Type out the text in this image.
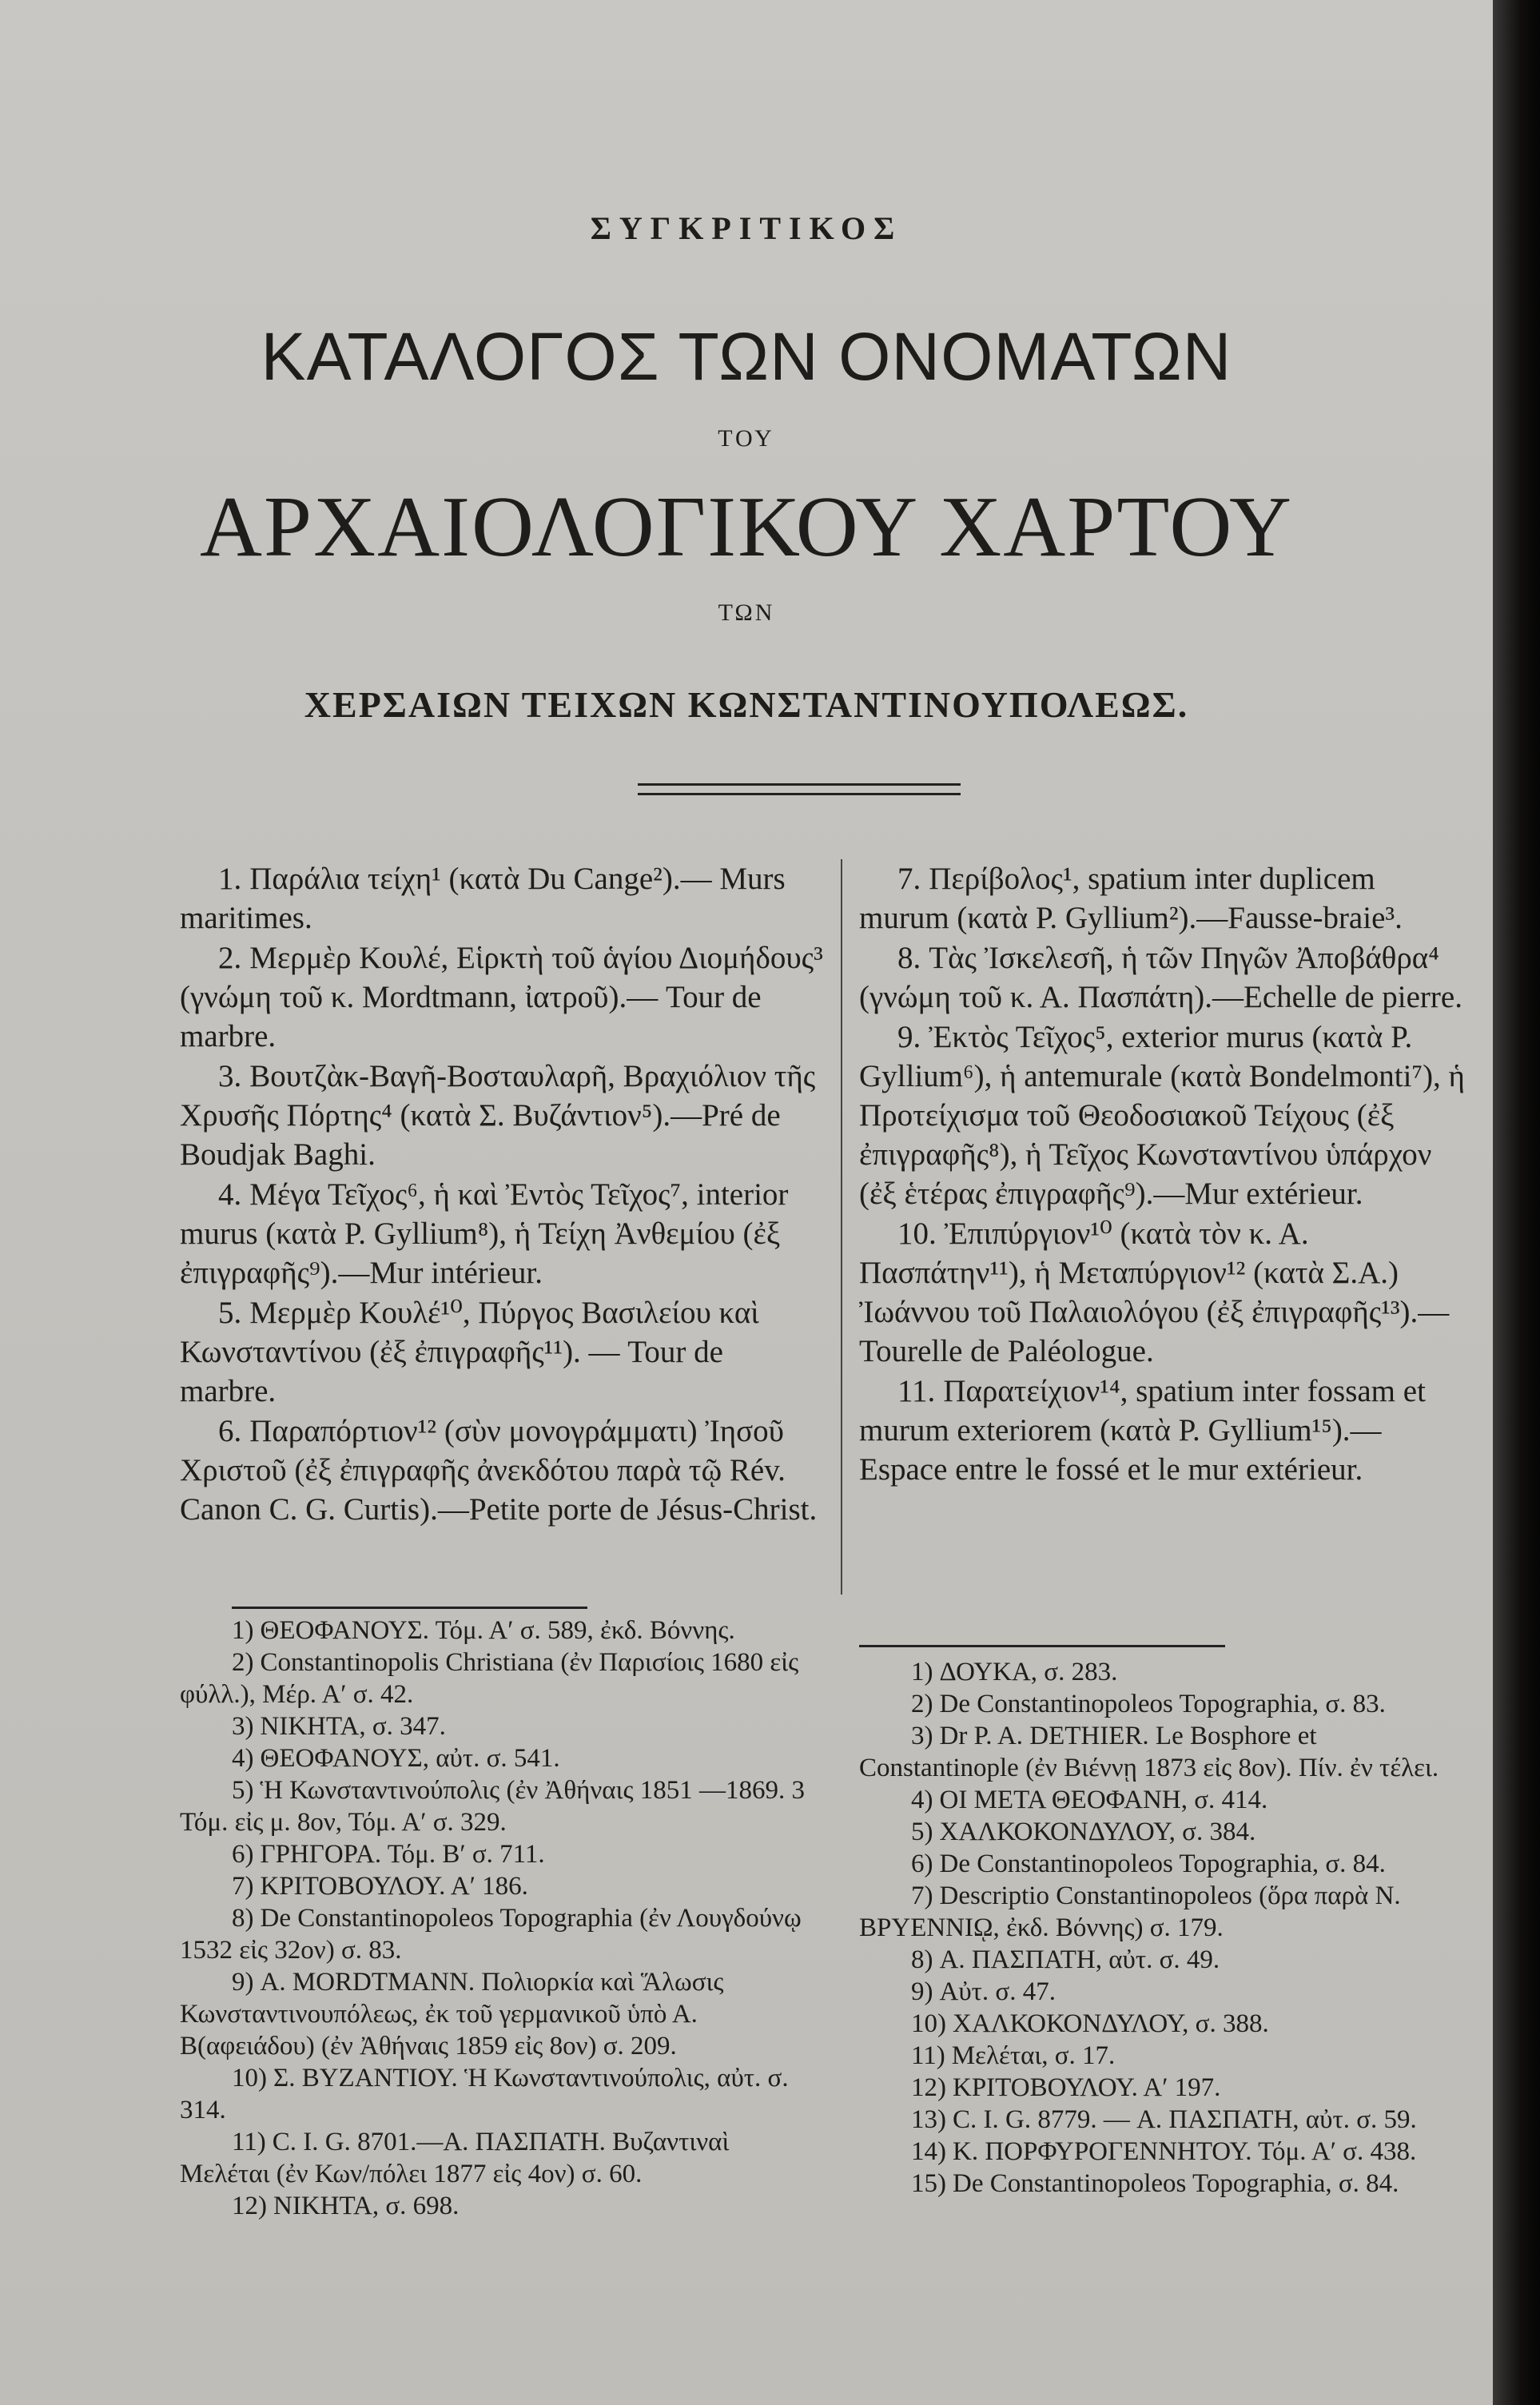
ΣΥΓΚΡΙΤΙΚΟΣ
ΚΑΤΑΛΟΓΟΣ ΤΩΝ ΟΝΟΜΑΤΩΝ
ΤΟΥ
ΑΡΧΑΙΟΛΟΓΙΚΟΥ ΧΑΡΤΟΥ
ΤΩΝ
ΧΕΡΣΑΙΩΝ ΤΕΙΧΩΝ ΚΩΝΣΤΑΝΤΙΝΟΥΠΟΛΕΩΣ.

1. Παράλια τείχη¹ (κατὰ Du Cange²).— Murs maritimes.

2. Μερμὲρ Κουλέ, Εἱρκτὴ τοῦ ἁγίου Διομήδους³ (γνώμη τοῦ κ. Mordtmann, ἰατροῦ).— Tour de marbre.

3. Βουτζὰκ-Βαγῆ-Βοσταυλαρῆ, Βραχιόλιον τῆς Χρυσῆς Πόρτης⁴ (κατὰ Σ. Βυζάντιον⁵).—Pré de Boudjak Baghi.

4. Μέγα Τεῖχος⁶, ἡ καὶ Ἐντὸς Τεῖχος⁷, interior murus (κατὰ P. Gyllium⁸), ἡ Τείχη Ἀνθεμίου (ἐξ ἐπιγραφῆς⁹).—Mur intérieur.

5. Μερμὲρ Κουλέ¹⁰, Πύργος Βασιλείου καὶ Κωνσταντίνου (ἐξ ἐπιγραφῆς¹¹). — Tour de marbre.

6. Παραπόρτιον¹² (σὺν μονογράμματι) Ἰησοῦ Χριστοῦ (ἐξ ἐπιγραφῆς ἀνεκδότου παρὰ τῷ Rév. Canon C. G. Curtis).—Petite porte de Jésus-Christ.

7. Περίβολος¹, spatium inter duplicem murum (κατὰ P. Gyllium²).—Fausse-braie³.

8. Τὰς Ἰσκελεσῆ, ἡ τῶν Πηγῶν Ἀποβάθρα⁴ (γνώμη τοῦ κ. Α. Πασπάτη).—Echelle de pierre.

9. Ἐκτὸς Τεῖχος⁵, exterior murus (κατὰ P. Gyllium⁶), ἡ antemurale (κατὰ Bondelmonti⁷), ἡ Προτείχισμα τοῦ Θεοδοσιακοῦ Τείχους (ἐξ ἐπιγραφῆς⁸), ἡ Τεῖχος Κωνσταντίνου ὑπάρχον (ἐξ ἑτέρας ἐπιγραφῆς⁹).—Mur extérieur.

10. Ἐπιπύργιον¹⁰ (κατὰ τὸν κ. Α. Πασπάτην¹¹), ἡ Μεταπύργιον¹² (κατὰ Σ.Α.) Ἰωάννου τοῦ Παλαιολόγου (ἐξ ἐπιγραφῆς¹³).—Tourelle de Paléologue.

11. Παρατείχιον¹⁴, spatium inter fossam et murum exteriorem (κατὰ P. Gyllium¹⁵).—Espace entre le fossé et le mur extérieur.

1) ΘΕΟΦΑΝΟΥΣ. Τόμ. Α′ σ. 589, ἐκδ. Βόννης.

2) Constantinopolis Christiana (ἐν Παρισίοις 1680 εἰς φύλλ.), Μέρ. Α′ σ. 42.

3) ΝΙΚΗΤΑ, σ. 347.

4) ΘΕΟΦΑΝΟΥΣ, αὐτ. σ. 541.

5) Ἡ Κωνσταντινούπολις (ἐν Ἀθήναις 1851 —1869. 3 Τόμ. εἰς μ. 8ον, Τόμ. Α′ σ. 329.

6) ΓΡΗΓΟΡΑ. Τόμ. Β′ σ. 711.

7) ΚΡΙΤΟΒΟΥΛΟΥ. Α′ 186.

8) De Constantinopoleos Topographia (ἐν Λουγδούνῳ 1532 εἰς 32ον) σ. 83.

9) A. MORDTMANN. Πολιορκία καὶ Ἅλωσις Κωνσταντινουπόλεως, ἐκ τοῦ γερμανικοῦ ὑπὸ Α. Β(αφειάδου) (ἐν Ἀθήναις 1859 εἰς 8ον) σ. 209.

10) Σ. ΒΥΖΑΝΤΙΟΥ. Ἡ Κωνσταντινούπολις, αὐτ. σ. 314.

11) C. I. G. 8701.—Α. ΠΑΣΠΑΤΗ. Βυζαντιναὶ Μελέται (ἐν Κων/πόλει 1877 εἰς 4ον) σ. 60.

12) ΝΙΚΗΤΑ, σ. 698.

1) ΔΟΥΚΑ, σ. 283.

2) De Constantinopoleos Topographia, σ. 83.

3) Dr P. A. DETHIER. Le Bosphore et Constantinople (ἐν Βιέννῃ 1873 εἰς 8ον). Πίν. ἐν τέλει.

4) ΟΙ ΜΕΤΑ ΘΕΟΦΑΝΗ, σ. 414.

5) ΧΑΛΚΟΚΟΝΔΥΛΟΥ, σ. 384.

6) De Constantinopoleos Topographia, σ. 84.

7) Descriptio Constantinopoleos (ὅρα παρὰ Ν. ΒΡΥΕΝΝΙῼ, ἐκδ. Βόννης) σ. 179.

8) Α. ΠΑΣΠΑΤΗ, αὐτ. σ. 49.

9) Αὐτ. σ. 47.

10) ΧΑΛΚΟΚΟΝΔΥΛΟΥ, σ. 388.

11) Μελέται, σ. 17.

12) ΚΡΙΤΟΒΟΥΛΟΥ. Α′ 197.

13) C. I. G. 8779. — Α. ΠΑΣΠΑΤΗ, αὐτ. σ. 59.

14) Κ. ΠΟΡΦΥΡΟΓΕΝΝΗΤΟΥ. Τόμ. Α′ σ. 438.

15) De Constantinopoleos Topographia, σ. 84.
